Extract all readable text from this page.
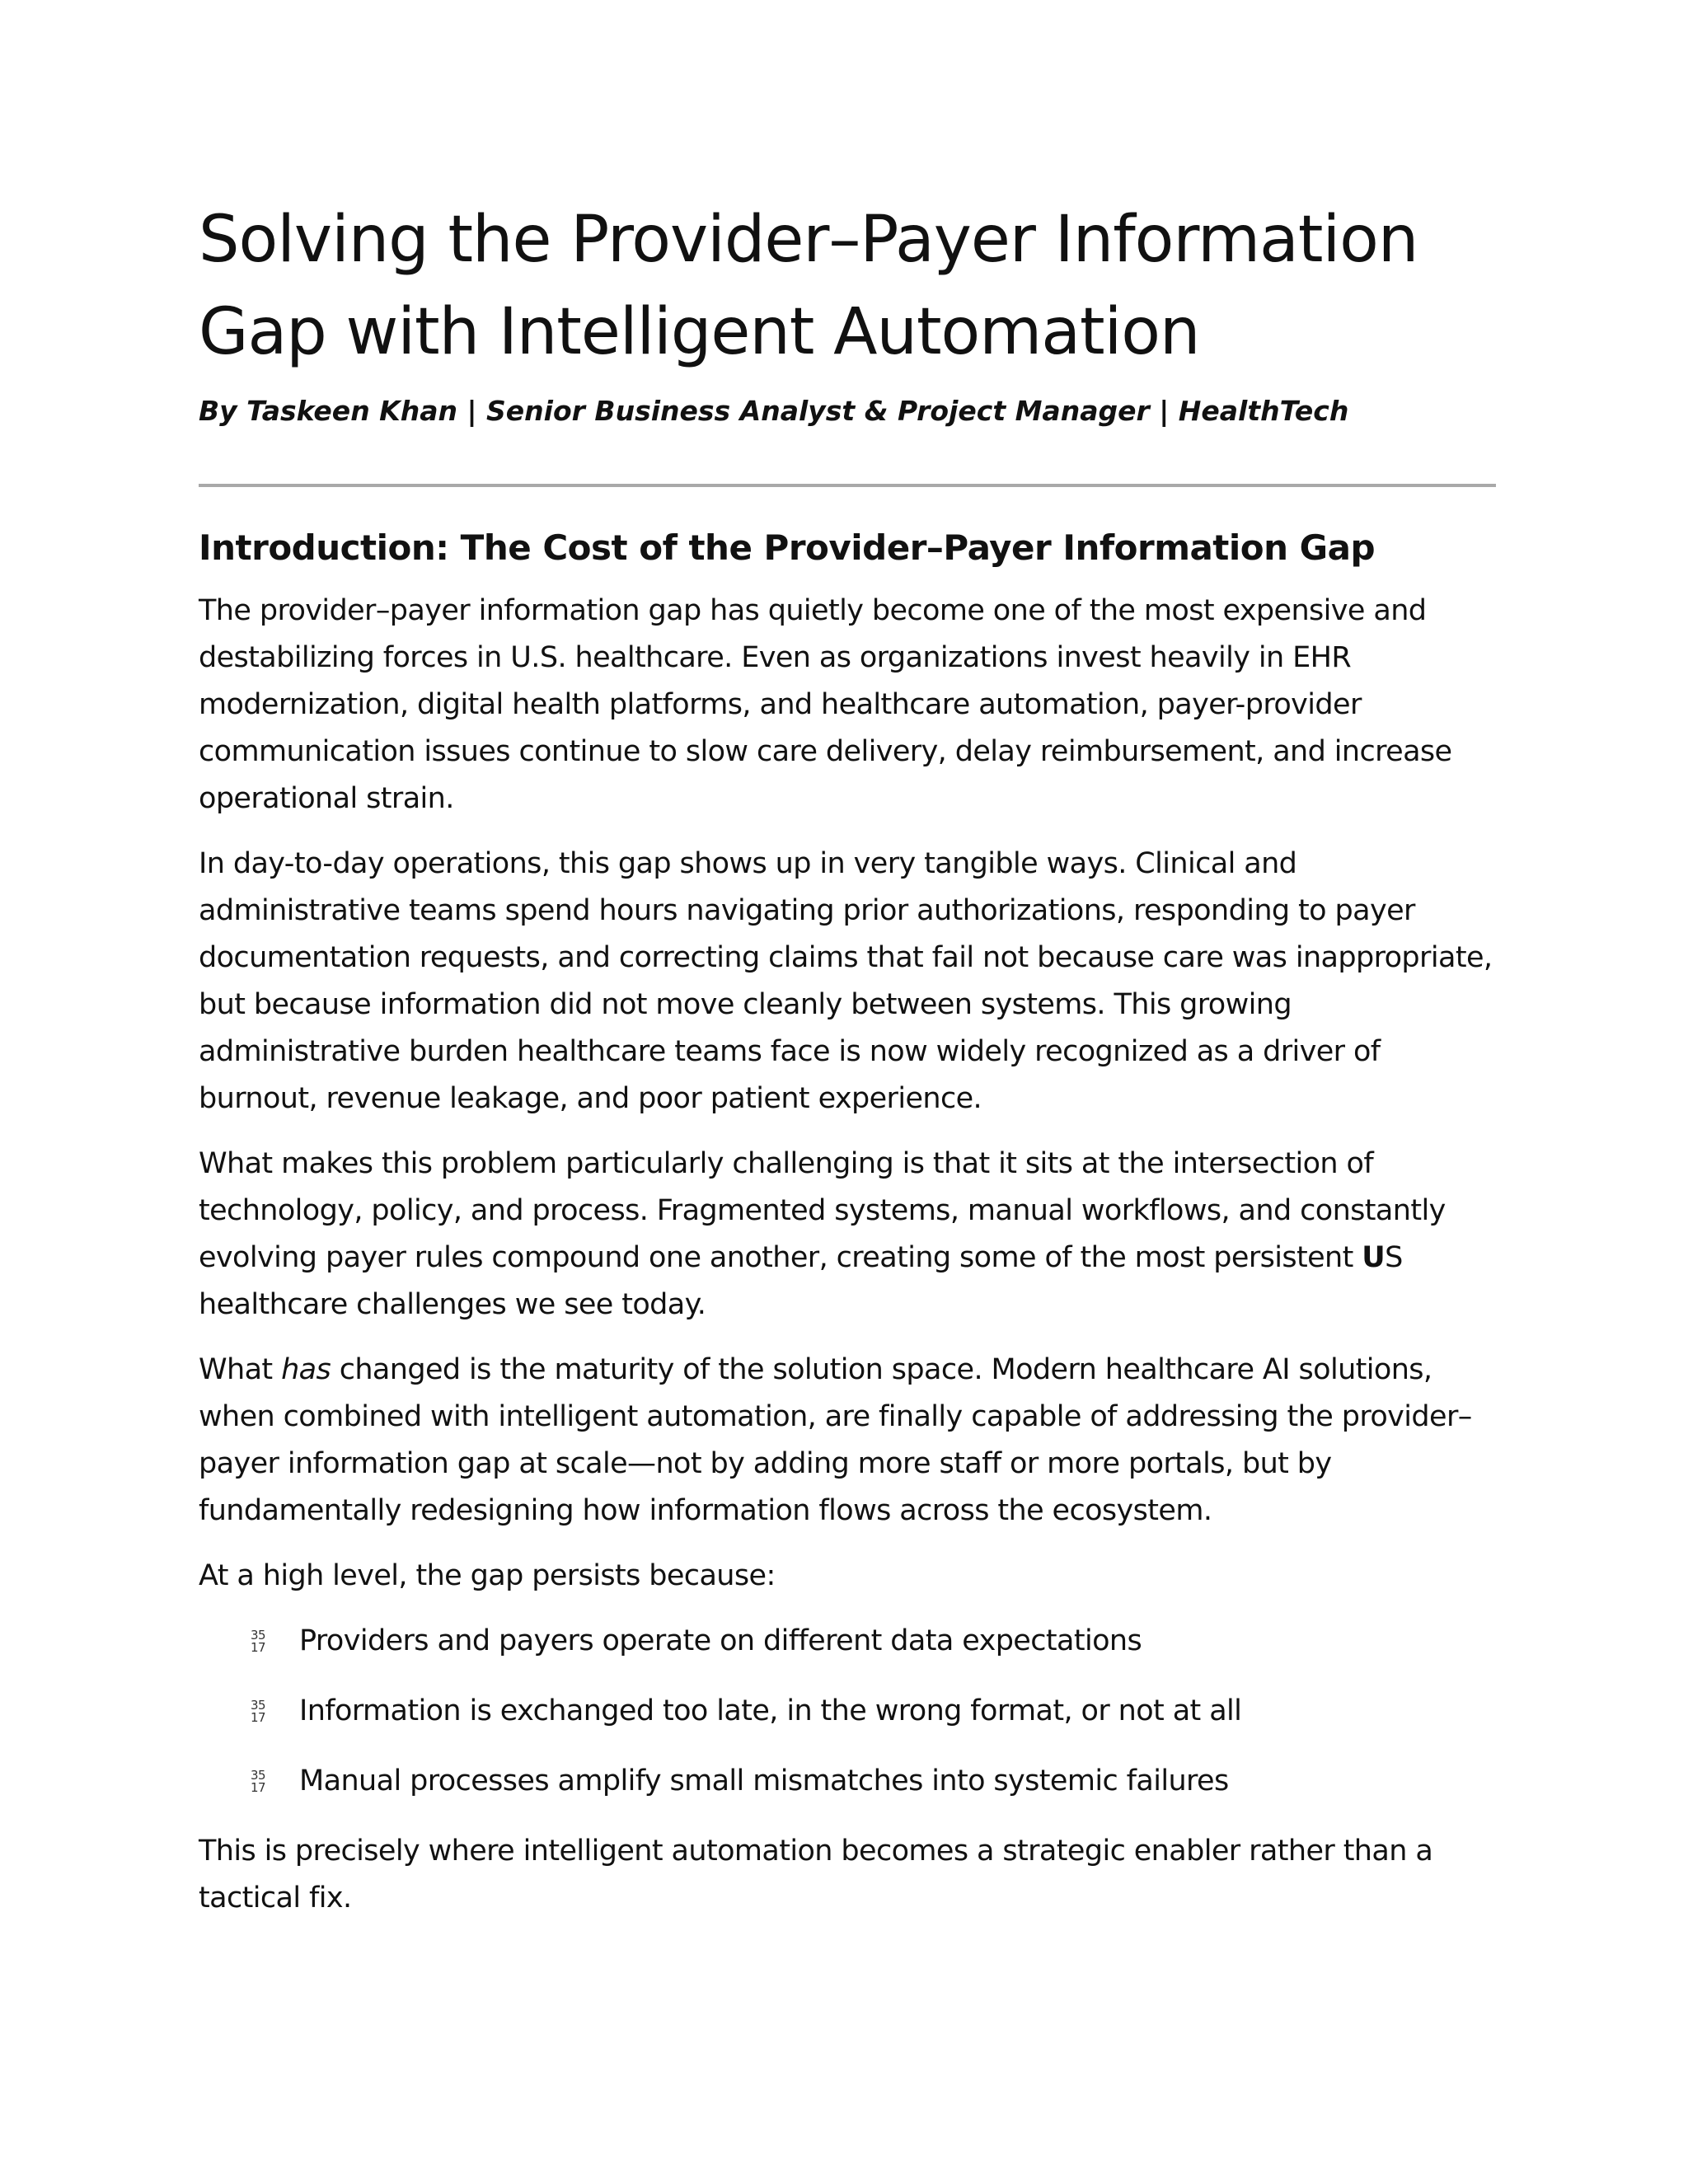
Solving the Provider–Payer Information
Gap with Intelligent Automation

By Taskeen Khan | Senior Business Analyst & Project Manager | HealthTech

Introduction: The Cost of the Provider–Payer Information Gap

The provider–payer information gap has quietly become one of the most expensive and destabilizing forces in U.S. healthcare. Even as organizations invest heavily in EHR modernization, digital health platforms, and healthcare automation, payer-provider communication issues continue to slow care delivery, delay reimbursement, and increase operational strain.

In day-to-day operations, this gap shows up in very tangible ways. Clinical and administrative teams spend hours navigating prior authorizations, responding to payer documentation requests, and correcting claims that fail not because care was inappropriate, but because information did not move cleanly between systems. This growing administrative burden healthcare teams face is now widely recognized as a driver of burnout, revenue leakage, and poor patient experience.

What makes this problem particularly challenging is that it sits at the intersection of technology, policy, and process. Fragmented systems, manual workflows, and constantly evolving payer rules compound one another, creating some of the most persistent US healthcare challenges we see today.

What has changed is the maturity of the solution space. Modern healthcare AI solutions, when combined with intelligent automation, are finally capable of addressing the provider–payer information gap at scale—not by adding more staff or more portals, but by fundamentally redesigning how information flows across the ecosystem.

At a high level, the gap persists because:

35
17 Providers and payers operate on different data expectations
35
17 Information is exchanged too late, in the wrong format, or not at all
35
17 Manual processes amplify small mismatches into systemic failures

This is precisely where intelligent automation becomes a strategic enabler rather than a tactical fix.
